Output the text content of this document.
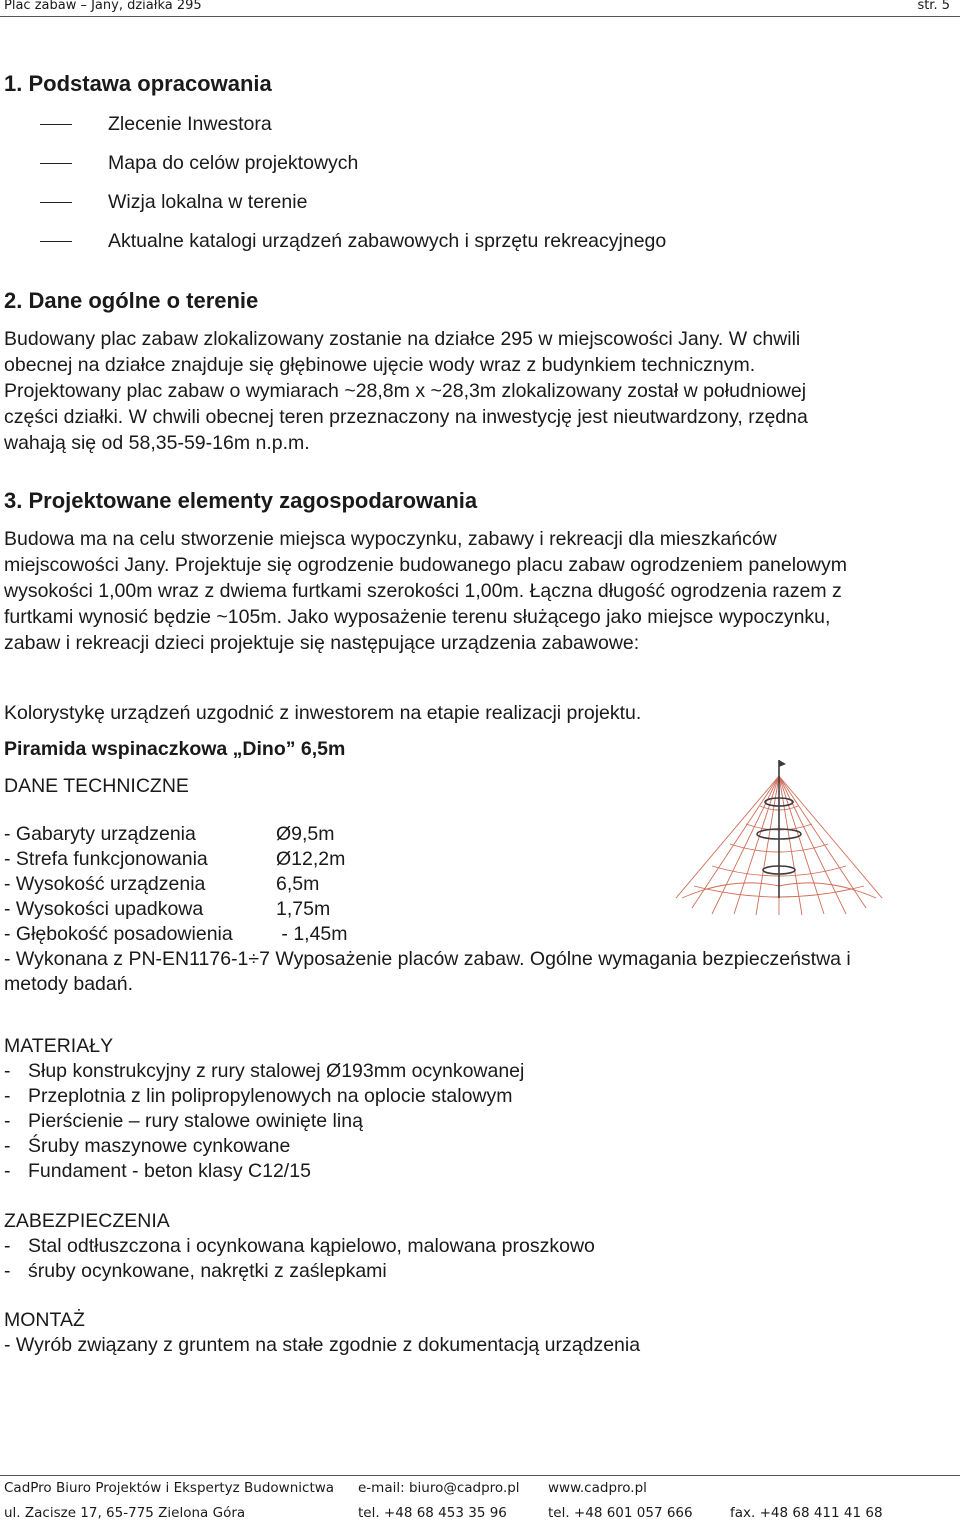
Plac zabaw – Jany, działka 295	str. 5
1. Podstawa opracowania
Zlecenie Inwestora
Mapa do celów projektowych
Wizja lokalna w terenie
Aktualne katalogi urządzeń zabawowych i sprzętu rekreacyjnego
2. Dane ogólne o terenie
Budowany plac zabaw zlokalizowany zostanie na działce 295 w miejscowości Jany. W chwili
obecnej na działce znajduje się głębinowe ujęcie wody wraz z budynkiem technicznym.
Projektowany plac zabaw o wymiarach ~28,8m x ~28,3m zlokalizowany został w południowej
części działki. W chwili obecnej teren przeznaczony na inwestycję jest nieutwardzony, rzędna
wahają się od 58,35-59-16m n.p.m.
3. Projektowane elementy zagospodarowania
Budowa ma na celu stworzenie miejsca wypoczynku, zabawy i rekreacji dla mieszkańców
miejscowości Jany. Projektuje się ogrodzenie budowanego placu zabaw ogrodzeniem panelowym
wysokości 1,00m wraz z dwiema furtkami szerokości 1,00m. Łączna długość ogrodzenia razem z
furtkami wynosić będzie ~105m. Jako wyposażenie terenu służącego jako miejsce wypoczynku,
zabaw i rekreacji dzieci projektuje się następujące urządzenia zabawowe:
Kolorystykę urządzeń uzgodnić z inwestorem na etapie realizacji projektu.
Piramida wspinaczkowa „Dino” 6,5m
DANE TECHNICZNE
- Gabaryty urządzenia	Ø9,5m
- Strefa funkcjonowania	Ø12,2m
- Wysokość urządzenia	6,5m
- Wysokości upadkowa	1,75m
- Głębokość posadowienia - 1,45m
- Wykonana z PN-EN1176-1÷7 Wyposażenie placów zabaw. Ogólne wymagania bezpieczeństwa i
metody badań.
MATERIAŁY
- Słup konstrukcyjny z rury stalowej Ø193mm ocynkowanej
- Przeplotnia z lin polipropylenowych na oplocie stalowym
- Pierścienie – rury stalowe owinięte liną
- Śruby maszynowe cynkowane
- Fundament - beton klasy C12/15
ZABEZPIECZENIA
- Stal odtłuszczona i ocynkowana kąpielowo, malowana proszkowo
- śruby ocynkowane, nakrętki z zaślepkami
MONTAŻ
- Wyrób związany z gruntem na stałe zgodnie z dokumentacją urządzenia
CadPro Biuro Projektów i Ekspertyz Budownictwa e-mail: biuro@cadpro.pl www.cadpro.pl
ul. Zacisze 17, 65-775 Zielona Góra	tel. +48 68 453 35 96	tel. +48 601 057 666	fax. +48 68 411 41 68
